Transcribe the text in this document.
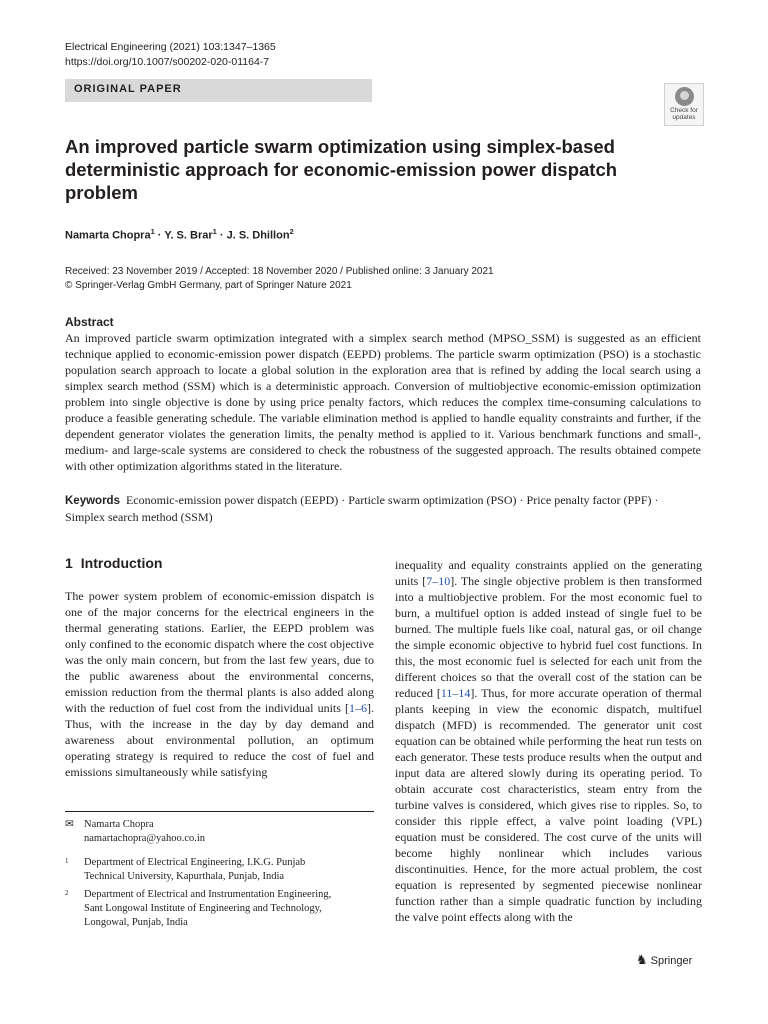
Electrical Engineering (2021) 103:1347–1365
https://doi.org/10.1007/s00202-020-01164-7
ORIGINAL PAPER
Check for
updates
An improved particle swarm optimization using simplex-based deterministic approach for economic-emission power dispatch problem
Namarta Chopra$^1$ · Y. S. Brar$^1$ · J. S. Dhillon$^2$
Received: 23 November 2019 / Accepted: 18 November 2020 / Published online: 3 January 2021
© Springer-Verlag GmbH Germany, part of Springer Nature 2021
Abstract
An improved particle swarm optimization integrated with a simplex search method (MPSO_SSM) is suggested as an efficient technique applied to economic-emission power dispatch (EEPD) problems. The particle swarm optimization (PSO) is a stochastic population search approach to locate a global solution in the exploration area that is refined by adding the local search using a simplex search method (SSM) which is a deterministic approach. Conversion of multiobjective economic-emission optimization problem into single objective is done by using price penalty factors, which reduces the complex time-consuming calculations to produce a feasible generating schedule. The variable elimination method is applied to handle equality constraints and further, if the dependent generator violates the generation limits, the penalty method is applied to it. Various benchmark functions and small-, medium- and large-scale systems are considered to check the robustness of the suggested approach. The results obtained compete with other optimization algorithms stated in the literature.
Keywords Economic-emission power dispatch (EEPD) · Particle swarm optimization (PSO) · Price penalty factor (PPF) · Simplex search method (SSM)
1 Introduction
The power system problem of economic-emission dispatch is one of the major concerns for the electrical engineers in the thermal generating stations. Earlier, the EEPD problem was only confined to the economic dispatch where the cost objective was the only main concern, but from the last few years, due to the public awareness about the environmental concerns, emission reduction from the thermal plants is also added along with the reduction of fuel cost from the individual units [1–6]. Thus, with the increase in the day by day demand and awareness about environmental pollution, an optimum operating strategy is required to reduce the cost of fuel and emissions simultaneously while satisfying
inequality and equality constraints applied on the generating units [7–10]. The single objective problem is then transformed into a multiobjective problem. For the most economic fuel to burn, a multifuel option is added instead of single fuel to be burned. The multiple fuels like coal, natural gas, or oil change the simple economic objective to hybrid fuel cost functions. In this, the most economic fuel is selected for each unit from the different choices so that the overall cost of the station can be reduced [11–14]. Thus, for more accurate operation of thermal plants keeping in view the economic dispatch, multifuel dispatch (MFD) is recommended. The generator unit cost equation can be obtained while performing the heat run tests on each generator. These tests produce results when the output and input data are altered slowly during its operating period. To obtain accurate cost characteristics, steam entry from the turbine valves is considered, which gives rise to ripples. So, to consider this ripple effect, a valve point loading (VPL) equation must be considered. The cost curve of the units will become highly nonlinear which includes various discontinuities. Hence, for the more actual problem, the cost equation is represented by segmented piecewise nonlinear function rather than a simple quadratic function by including the valve point effects along with the
✉ Namarta Chopra
namartachopra@yahoo.co.in
1 Department of Electrical Engineering, I.K.G. Punjab
Technical University, Kapurthala, Punjab, India
2 Department of Electrical and Instrumentation Engineering,
Sant Longowal Institute of Engineering and Technology,
Longowal, Punjab, India
♞ Springer
